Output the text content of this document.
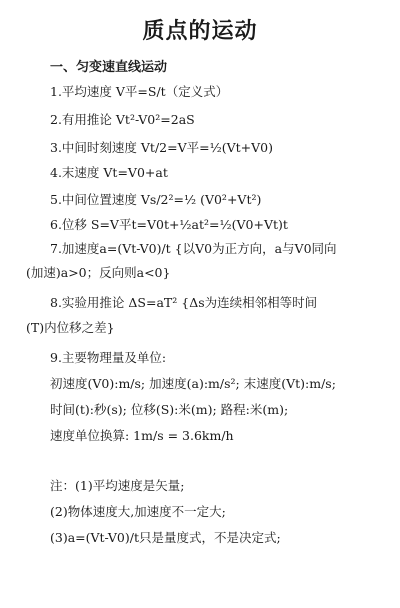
质点的运动
一、匀变速直线运动
1.平均速度 V平=S/t（定义式）
2.有用推论 Vt²-V0²=2aS
3.中间时刻速度 Vt/2=V平=½(Vt+V0)
4.末速度 Vt=V0+at
5.中间位置速度 Vs/2²=½ (V0²+Vt²)
6.位移 S=V平t=V0t+½at²=½(V0+Vt)t
7.加速度a=(Vt-V0)/t {以V0为正方向，a与V0同向
(加速)a>0；反向则a<0}
8.实验用推论 ΔS=aT² {Δs为连续相邻相等时间
(T)内位移之差}
9.主要物理量及单位:
初速度(V0):m/s; 加速度(a):m/s²; 末速度(Vt):m/s;
时间(t):秒(s); 位移(S):米(m); 路程:米(m);
速度单位换算: 1m/s = 3.6km/h
注：(1)平均速度是矢量;
(2)物体速度大,加速度不一定大;
(3)a=(Vt-V0)/t只是量度式，不是决定式;
